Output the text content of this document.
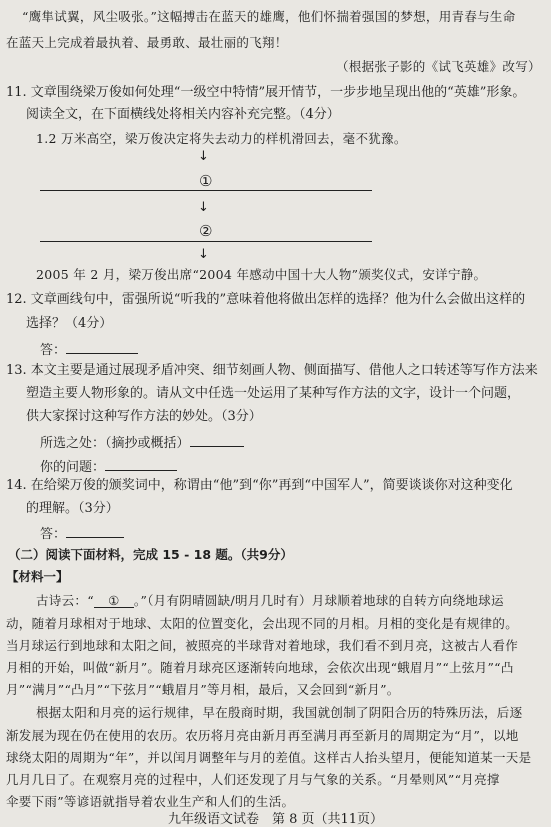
“鹰隼试翼，风尘吸张。”这幅搏击在蓝天的雄鹰，他们怀揣着强国的梦想，用青春与生命
在蓝天上完成着最执着、最勇敢、最壮丽的飞翔！
（根据张子影的《试飞英雄》改写）
11. 文章围绕梁万俊如何处理“一级空中特情”展开情节，一步步地呈现出他的“英雄”形象。
阅读全文，在下面横线处将相关内容补充完整。（4分）
1.2 万米高空，梁万俊决定将失去动力的样机滑回去，毫不犹豫。
↓
①
↓
②
↓
2005 年 2 月，梁万俊出席“2004 年感动中国十大人物”颁奖仪式，安详宁静。
12. 文章画线句中，雷强所说“听我的”意味着他将做出怎样的选择？他为什么会做出这样的
选择？（4分）
答：
13. 本文主要是通过展现矛盾冲突、细节刻画人物、侧面描写、借他人之口转述等写作方法来
塑造主要人物形象的。请从文中任选一处运用了某种写作方法的文字，设计一个问题，
供大家探讨这种写作方法的妙处。（3分）
所选之处：（摘抄或概括）
你的问题：
14. 在给梁万俊的颁奖词中，称谓由“他”到“你”再到“中国军人”，简要谈谈你对这种变化
的理解。（3分）
答：
（二）阅读下面材料，完成 15 - 18 题。（共9分）
【材料一】
古诗云：“ ① 。”（月有阴晴圆缺/明月几时有）月球顺着地球的自转方向绕地球运
动，随着月球相对于地球、太阳的位置变化，会出现不同的月相。月相的变化是有规律的。
当月球运行到地球和太阳之间，被照亮的半球背对着地球，我们看不到月亮，这被古人看作
月相的开始，叫做“新月”。随着月球亮区逐渐转向地球，会依次出现“蛾眉月”“上弦月”“凸
月”“满月”“凸月”“下弦月”“蛾眉月”等月相，最后，又会回到“新月”。
根据太阳和月亮的运行规律，早在殷商时期，我国就创制了阴阳合历的特殊历法，后逐
渐发展为现在仍在使用的农历。农历将月亮由新月再至满月再至新月的周期定为“月”，以地
球绕太阳的周期为“年”，并以闰月调整年与月的差值。这样古人抬头望月，便能知道某一天是
几月几日了。在观察月亮的过程中，人们还发现了月与气象的关系。“月晕则风”“月亮撑
伞要下雨”等谚语就指导着农业生产和人们的生活。
九年级语文试卷　第 8 页（共11页）
